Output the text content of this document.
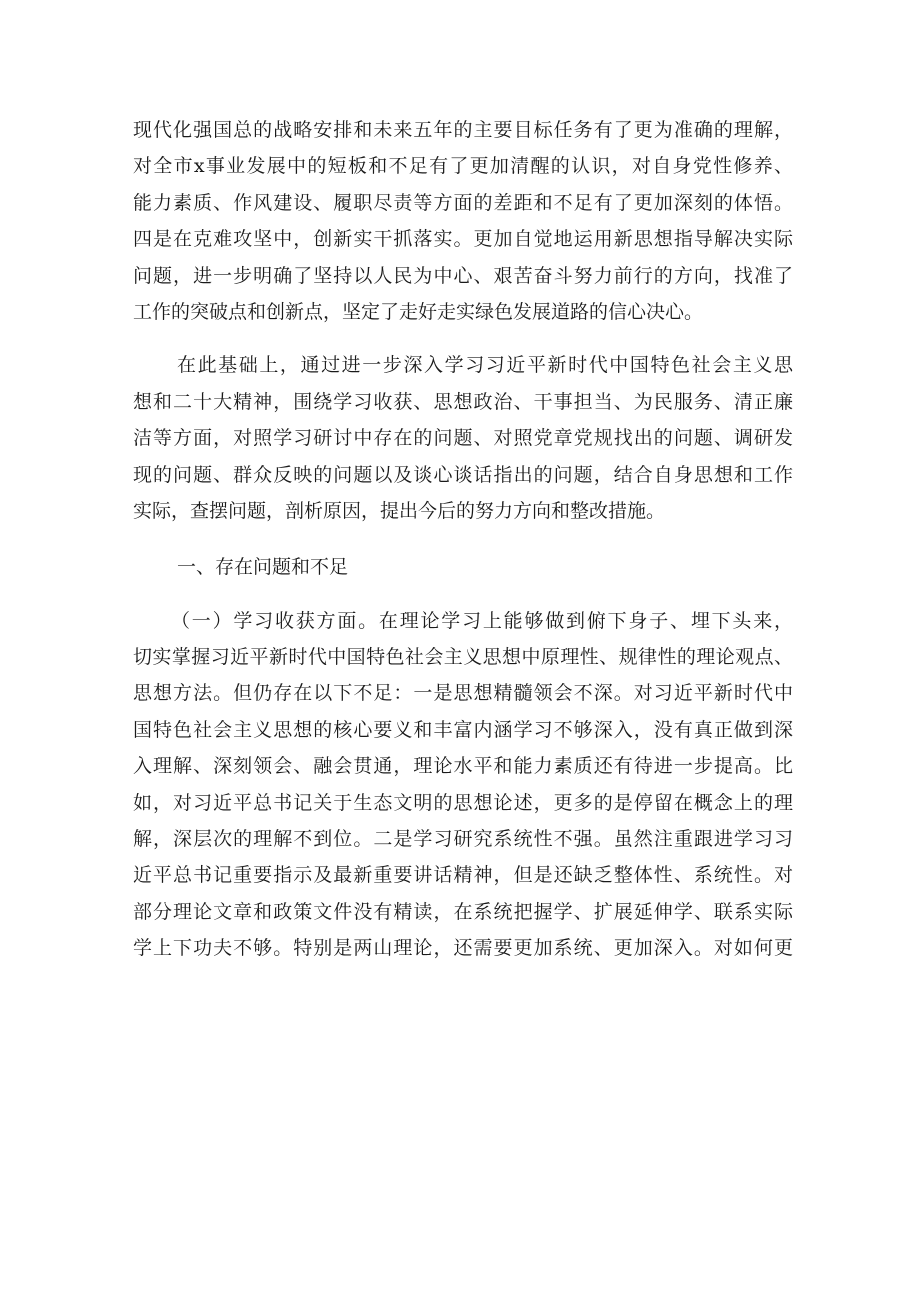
现代化强国总的战略安排和未来五年的主要目标任务有了更为准确的理解，
对全市x事业发展中的短板和不足有了更加清醒的认识，对自身党性修养、
能力素质、作风建设、履职尽责等方面的差距和不足有了更加深刻的体悟。
四是在克难攻坚中，创新实干抓落实。更加自觉地运用新思想指导解决实际
问题，进一步明确了坚持以人民为中心、艰苦奋斗努力前行的方向，找准了
工作的突破点和创新点，坚定了走好走实绿色发展道路的信心决心。
在此基础上，通过进一步深入学习习近平新时代中国特色社会主义思
想和二十大精神，围绕学习收获、思想政治、干事担当、为民服务、清正廉
洁等方面，对照学习研讨中存在的问题、对照党章党规找出的问题、调研发
现的问题、群众反映的问题以及谈心谈话指出的问题，结合自身思想和工作
实际，查摆问题，剖析原因，提出今后的努力方向和整改措施。
一、存在问题和不足
（一）学习收获方面。在理论学习上能够做到俯下身子、埋下头来，
切实掌握习近平新时代中国特色社会主义思想中原理性、规律性的理论观点、
思想方法。但仍存在以下不足：一是思想精髓领会不深。对习近平新时代中
国特色社会主义思想的核心要义和丰富内涵学习不够深入，没有真正做到深
入理解、深刻领会、融会贯通，理论水平和能力素质还有待进一步提高。比
如，对习近平总书记关于生态文明的思想论述，更多的是停留在概念上的理
解，深层次的理解不到位。二是学习研究系统性不强。虽然注重跟进学习习
近平总书记重要指示及最新重要讲话精神，但是还缺乏整体性、系统性。对
部分理论文章和政策文件没有精读，在系统把握学、扩展延伸学、联系实际
学上下功夫不够。特别是两山理论，还需要更加系统、更加深入。对如何更
